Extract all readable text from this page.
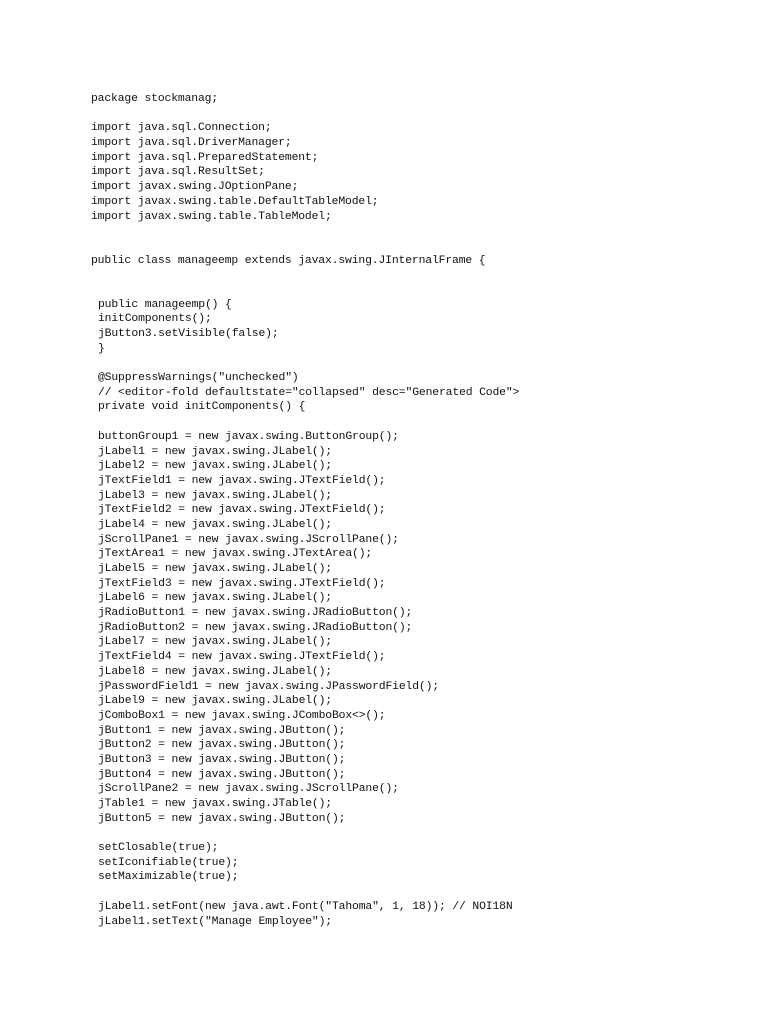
package stockmanag;
import java.sql.Connection;
import java.sql.DriverManager;
import java.sql.PreparedStatement;
import java.sql.ResultSet;
import javax.swing.JOptionPane;
import javax.swing.table.DefaultTableModel;
import javax.swing.table.TableModel;
public class manageemp extends javax.swing.JInternalFrame {
public manageemp() {
initComponents();
jButton3.setVisible(false);
}
@SuppressWarnings("unchecked")
// <editor-fold defaultstate="collapsed" desc="Generated Code">
private void initComponents() {
buttonGroup1 = new javax.swing.ButtonGroup();
jLabel1 = new javax.swing.JLabel();
jLabel2 = new javax.swing.JLabel();
jTextField1 = new javax.swing.JTextField();
jLabel3 = new javax.swing.JLabel();
jTextField2 = new javax.swing.JTextField();
jLabel4 = new javax.swing.JLabel();
jScrollPane1 = new javax.swing.JScrollPane();
jTextArea1 = new javax.swing.JTextArea();
jLabel5 = new javax.swing.JLabel();
jTextField3 = new javax.swing.JTextField();
jLabel6 = new javax.swing.JLabel();
jRadioButton1 = new javax.swing.JRadioButton();
jRadioButton2 = new javax.swing.JRadioButton();
jLabel7 = new javax.swing.JLabel();
jTextField4 = new javax.swing.JTextField();
jLabel8 = new javax.swing.JLabel();
jPasswordField1 = new javax.swing.JPasswordField();
jLabel9 = new javax.swing.JLabel();
jComboBox1 = new javax.swing.JComboBox<>();
jButton1 = new javax.swing.JButton();
jButton2 = new javax.swing.JButton();
jButton3 = new javax.swing.JButton();
jButton4 = new javax.swing.JButton();
jScrollPane2 = new javax.swing.JScrollPane();
jTable1 = new javax.swing.JTable();
jButton5 = new javax.swing.JButton();
setClosable(true);
setIconifiable(true);
setMaximizable(true);
jLabel1.setFont(new java.awt.Font("Tahoma", 1, 18)); // NOI18N
jLabel1.setText("Manage Employee");
